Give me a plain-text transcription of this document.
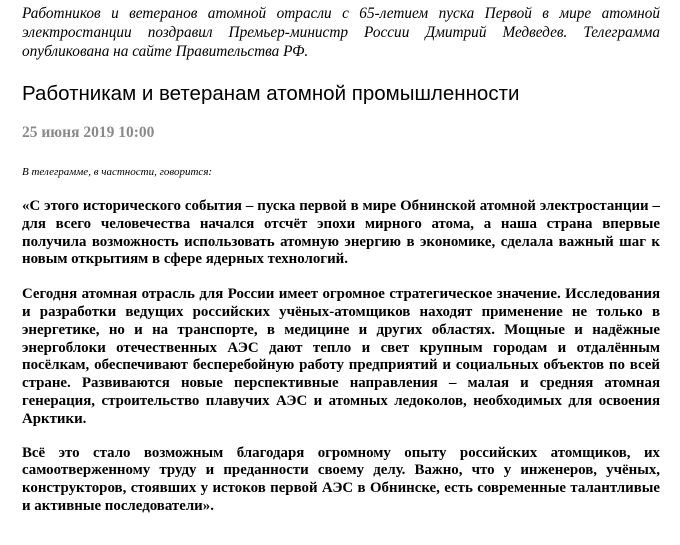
Работников и ветеранов атомной отрасли с 65-летием пуска Первой в мире атомной электростанции поздравил Премьер-министр России Дмитрий Медведев. Телеграмма опубликована на сайте Правительства РФ.

Работникам и ветеранам атомной промышленности
25 июня 2019 10:00
В телеграмме, в частности, говорится:

«С этого исторического события – пуска первой в мире Обнинской атомной электростанции – для всего человечества начался отсчёт эпохи мирного атома, а наша страна впервые получила возможность использовать атомную энергию в экономике, сделала важный шаг к новым открытиям в сфере ядерных технологий.

Сегодня атомная отрасль для России имеет огромное стратегическое значение. Исследования и разработки ведущих российских учёных-атомщиков находят применение не только в энергетике, но и на транспорте, в медицине и других областях. Мощные и надёжные энергоблоки отечественных АЭС дают тепло и свет крупным городам и отдалённым посёлкам, обеспечивают бесперебойную работу предприятий и социальных объектов по всей стране. Развиваются новые перспективные направления – малая и средняя атомная генерация, строительство плавучих АЭС и атомных ледоколов, необходимых для освоения Арктики.

Всё это стало возможным благодаря огромному опыту российских атомщиков, их самоотверженному труду и преданности своему делу. Важно, что у инженеров, учёных, конструкторов, стоявших у истоков первой АЭС в Обнинске, есть современные талантливые и активные последователи».
